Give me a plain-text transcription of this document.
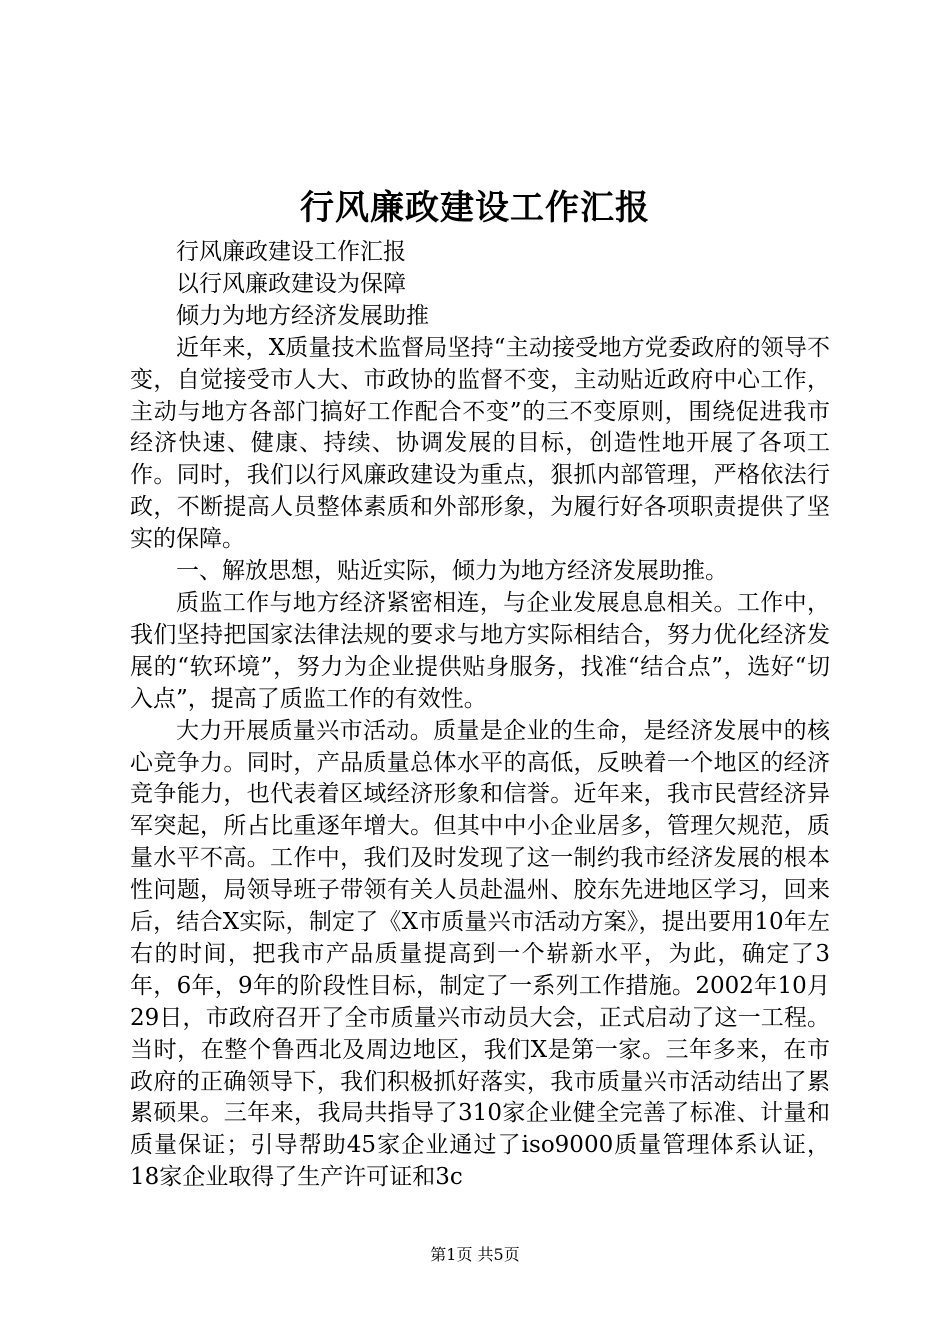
行风廉政建设工作汇报

行风廉政建设工作汇报

以行风廉政建设为保障

倾力为地方经济发展助推

近年来，X质量技术监督局坚持“主动接受地方党委政府的领导不变，自觉接受市人大、市政协的监督不变，主动贴近政府中心工作，主动与地方各部门搞好工作配合不变”的三不变原则，围绕促进我市经济快速、健康、持续、协调发展的目标，创造性地开展了各项工作。同时，我们以行风廉政建设为重点，狠抓内部管理，严格依法行政，不断提高人员整体素质和外部形象，为履行好各项职责提供了坚实的保障。

一、解放思想，贴近实际，倾力为地方经济发展助推。

质监工作与地方经济紧密相连，与企业发展息息相关。工作中，我们坚持把国家法律法规的要求与地方实际相结合，努力优化经济发展的“软环境”，努力为企业提供贴身服务，找准“结合点”，选好“切入点”，提高了质监工作的有效性。

大力开展质量兴市活动。质量是企业的生命，是经济发展中的核心竞争力。同时，产品质量总体水平的高低，反映着一个地区的经济竞争能力，也代表着区域经济形象和信誉。近年来，我市民营经济异军突起，所占比重逐年增大。但其中中小企业居多，管理欠规范，质量水平不高。工作中，我们及时发现了这一制约我市经济发展的根本性问题，局领导班子带领有关人员赴温州、胶东先进地区学习，回来后，结合X实际，制定了《X市质量兴市活动方案》，提出要用10年左右的时间，把我市产品质量提高到一个崭新水平，为此，确定了3年，6年，9年的阶段性目标，制定了一系列工作措施。2002年10月29日，市政府召开了全市质量兴市动员大会，正式启动了这一工程。当时，在整个鲁西北及周边地区，我们X是第一家。三年多来，在市政府的正确领导下，我们积极抓好落实，我市质量兴市活动结出了累累硕果。三年来，我局共指导了310家企业健全完善了标准、计量和质量保证；引导帮助45家企业通过了iso9000质量管理体系认证，18家企业取得了生产许可证和3c

第1页 共5页
